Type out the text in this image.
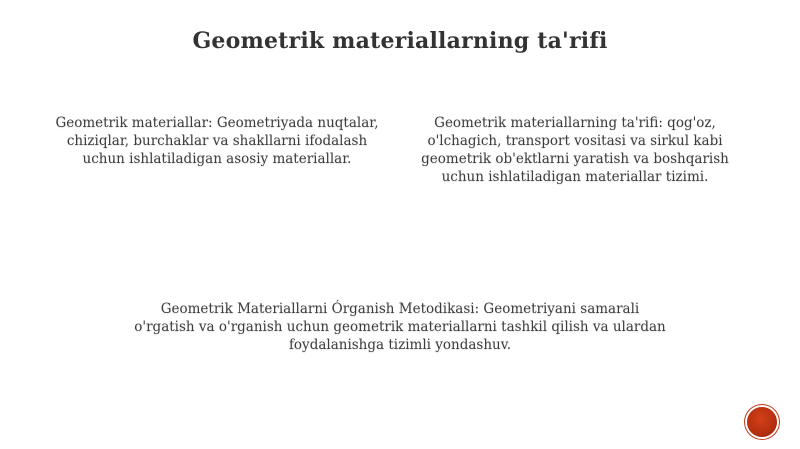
Geometrik materiallarning ta'rifi

Geometrik materiallar: Geometriyada nuqtalar, chiziqlar, burchaklar va shakllarni ifodalash uchun ishlatiladigan asosiy materiallar.

Geometrik materiallarning ta'rifi: qog'oz, o'lchagich, transport vositasi va sirkul kabi geometrik ob'ektlarni yaratish va boshqarish uchun ishlatiladigan materiallar tizimi.

Geometrik Materiallarni Órganish Metodikasi: Geometriyani samarali o'rgatish va o'rganish uchun geometrik materiallarni tashkil qilish va ulardan foydalanishga tizimli yondashuv.
